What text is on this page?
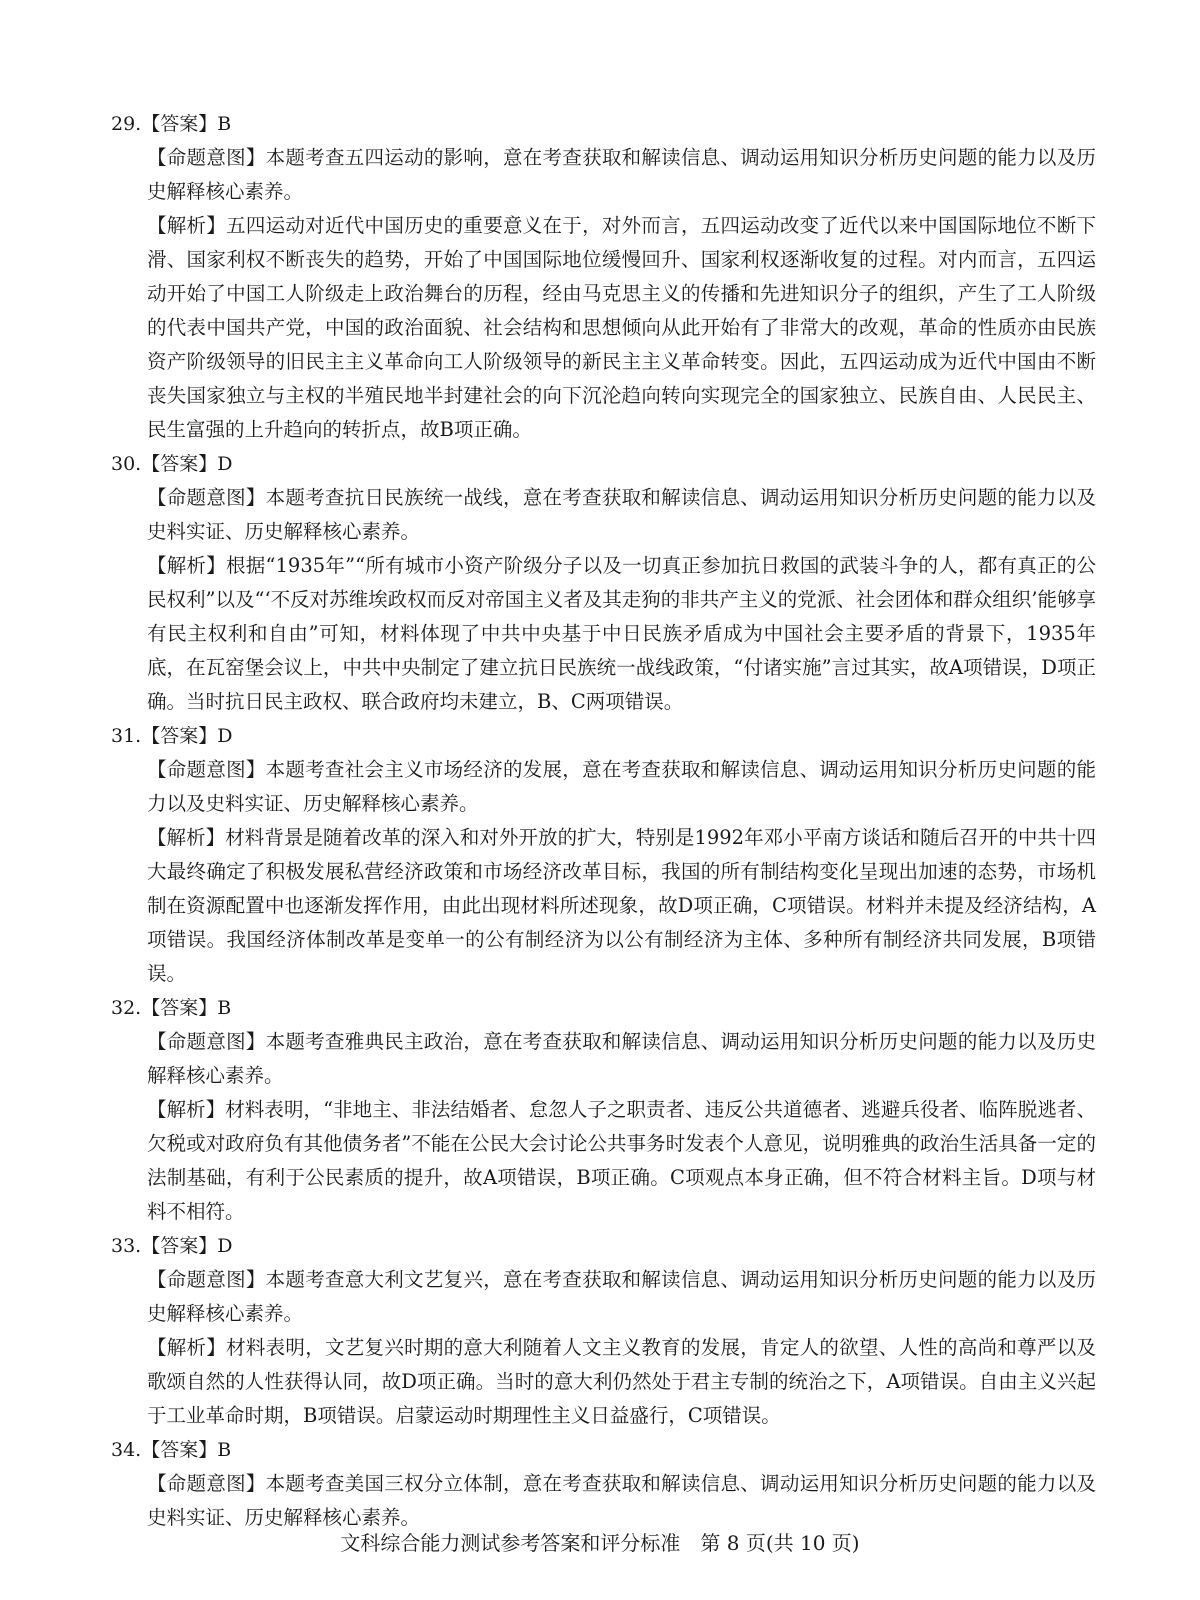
29.【答案】B

【命题意图】本题考查五四运动的影响，意在考查获取和解读信息、调动运用知识分析历史问题的能力以及历史解释核心素养。

【解析】五四运动对近代中国历史的重要意义在于，对外而言，五四运动改变了近代以来中国国际地位不断下滑、国家利权不断丧失的趋势，开始了中国国际地位缓慢回升、国家利权逐渐收复的过程。对内而言，五四运动开始了中国工人阶级走上政治舞台的历程，经由马克思主义的传播和先进知识分子的组织，产生了工人阶级的代表中国共产党，中国的政治面貌、社会结构和思想倾向从此开始有了非常大的改观，革命的性质亦由民族资产阶级领导的旧民主主义革命向工人阶级领导的新民主主义革命转变。因此，五四运动成为近代中国由不断丧失国家独立与主权的半殖民地半封建社会的向下沉沦趋向转向实现完全的国家独立、民族自由、人民民主、民生富强的上升趋向的转折点，故B项正确。

30.【答案】D

【命题意图】本题考查抗日民族统一战线，意在考查获取和解读信息、调动运用知识分析历史问题的能力以及史料实证、历史解释核心素养。

【解析】根据“1935年”“所有城市小资产阶级分子以及一切真正参加抗日救国的武装斗争的人，都有真正的公民权利”以及“‘不反对苏维埃政权而反对帝国主义者及其走狗的非共产主义的党派、社会团体和群众组织’能够享有民主权利和自由”可知，材料体现了中共中央基于中日民族矛盾成为中国社会主要矛盾的背景下，1935年底，在瓦窑堡会议上，中共中央制定了建立抗日民族统一战线政策，“付诸实施”言过其实，故A项错误，D项正确。当时抗日民主政权、联合政府均未建立，B、C两项错误。

31.【答案】D

【命题意图】本题考查社会主义市场经济的发展，意在考查获取和解读信息、调动运用知识分析历史问题的能力以及史料实证、历史解释核心素养。

【解析】材料背景是随着改革的深入和对外开放的扩大，特别是1992年邓小平南方谈话和随后召开的中共十四大最终确定了积极发展私营经济政策和市场经济改革目标，我国的所有制结构变化呈现出加速的态势，市场机制在资源配置中也逐渐发挥作用，由此出现材料所述现象，故D项正确，C项错误。材料并未提及经济结构，A项错误。我国经济体制改革是变单一的公有制经济为以公有制经济为主体、多种所有制经济共同发展，B项错误。

32.【答案】B

【命题意图】本题考查雅典民主政治，意在考查获取和解读信息、调动运用知识分析历史问题的能力以及历史解释核心素养。

【解析】材料表明，“非地主、非法结婚者、怠忽人子之职责者、违反公共道德者、逃避兵役者、临阵脱逃者、欠税或对政府负有其他债务者”不能在公民大会讨论公共事务时发表个人意见，说明雅典的政治生活具备一定的法制基础，有利于公民素质的提升，故A项错误，B项正确。C项观点本身正确，但不符合材料主旨。D项与材料不相符。

33.【答案】D

【命题意图】本题考查意大利文艺复兴，意在考查获取和解读信息、调动运用知识分析历史问题的能力以及历史解释核心素养。

【解析】材料表明，文艺复兴时期的意大利随着人文主义教育的发展，肯定人的欲望、人性的高尚和尊严以及歌颂自然的人性获得认同，故D项正确。当时的意大利仍然处于君主专制的统治之下，A项错误。自由主义兴起于工业革命时期，B项错误。启蒙运动时期理性主义日益盛行，C项错误。

34.【答案】B

【命题意图】本题考查美国三权分立体制，意在考查获取和解读信息、调动运用知识分析历史问题的能力以及史料实证、历史解释核心素养。

文科综合能力测试参考答案和评分标准　第 8 页(共 10 页)
